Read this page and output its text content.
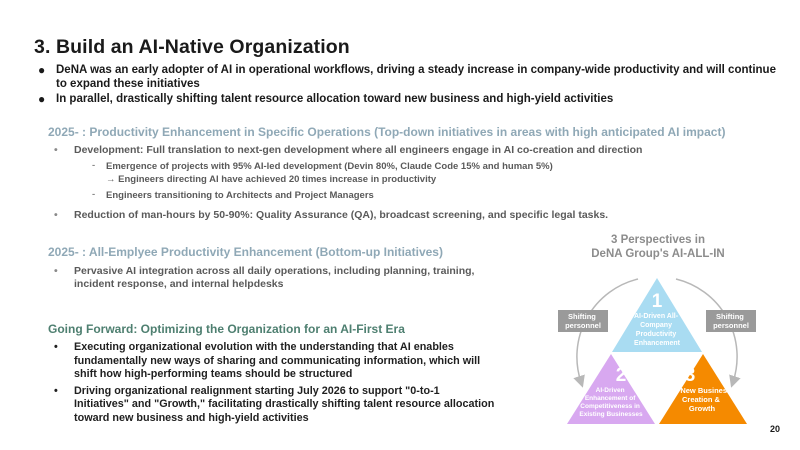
3. Build an AI-Native Organization
● DeNA was an early adopter of AI in operational workflows, driving a steady increase in company-wide productivity and will continue to expand these initiatives
● In parallel, drastically shifting talent resource allocation toward new business and high-yield activities
2025- : Productivity Enhancement in Specific Operations (Top-down initiatives in areas with high anticipated AI impact)
• Development: Full translation to next-gen development where all engineers engage in AI co-creation and direction
- Emergence of projects with 95% AI-led development (Devin 80%, Claude Code 15% and human 5%)
→ Engineers directing AI have achieved 20 times increase in productivity
- Engineers transitioning to Architects and Project Managers
• Reduction of man-hours by 50-90%: Quality Assurance (QA), broadcast screening, and specific legal tasks.
2025- : All-Emplyee Productivity Enhancement (Bottom-up Initiatives)
• Pervasive AI integration across all daily operations, including planning, training,
incident response, and internal helpdesks
Going Forward: Optimizing the Organization for an AI-First Era
• Executing organizational evolution with the understanding that AI enables
fundamentally new ways of sharing and communicating information, which will
shift how high-performing teams should be structured
• Driving organizational realignment starting July 2026 to support "0-to-1
Initiatives" and "Growth," facilitating drastically shifting talent resource allocation
toward new business and high-yield activities
3 Perspectives in
DeNA Group's AI-ALL-IN
Shifting personnel
Shifting personnel
1
AI-Driven All- Company Productivity Enhancement
2
AI-Driven Enhancement of Competitiveness in Existing Businesses
3
AI New Business Creation & Growth
20
